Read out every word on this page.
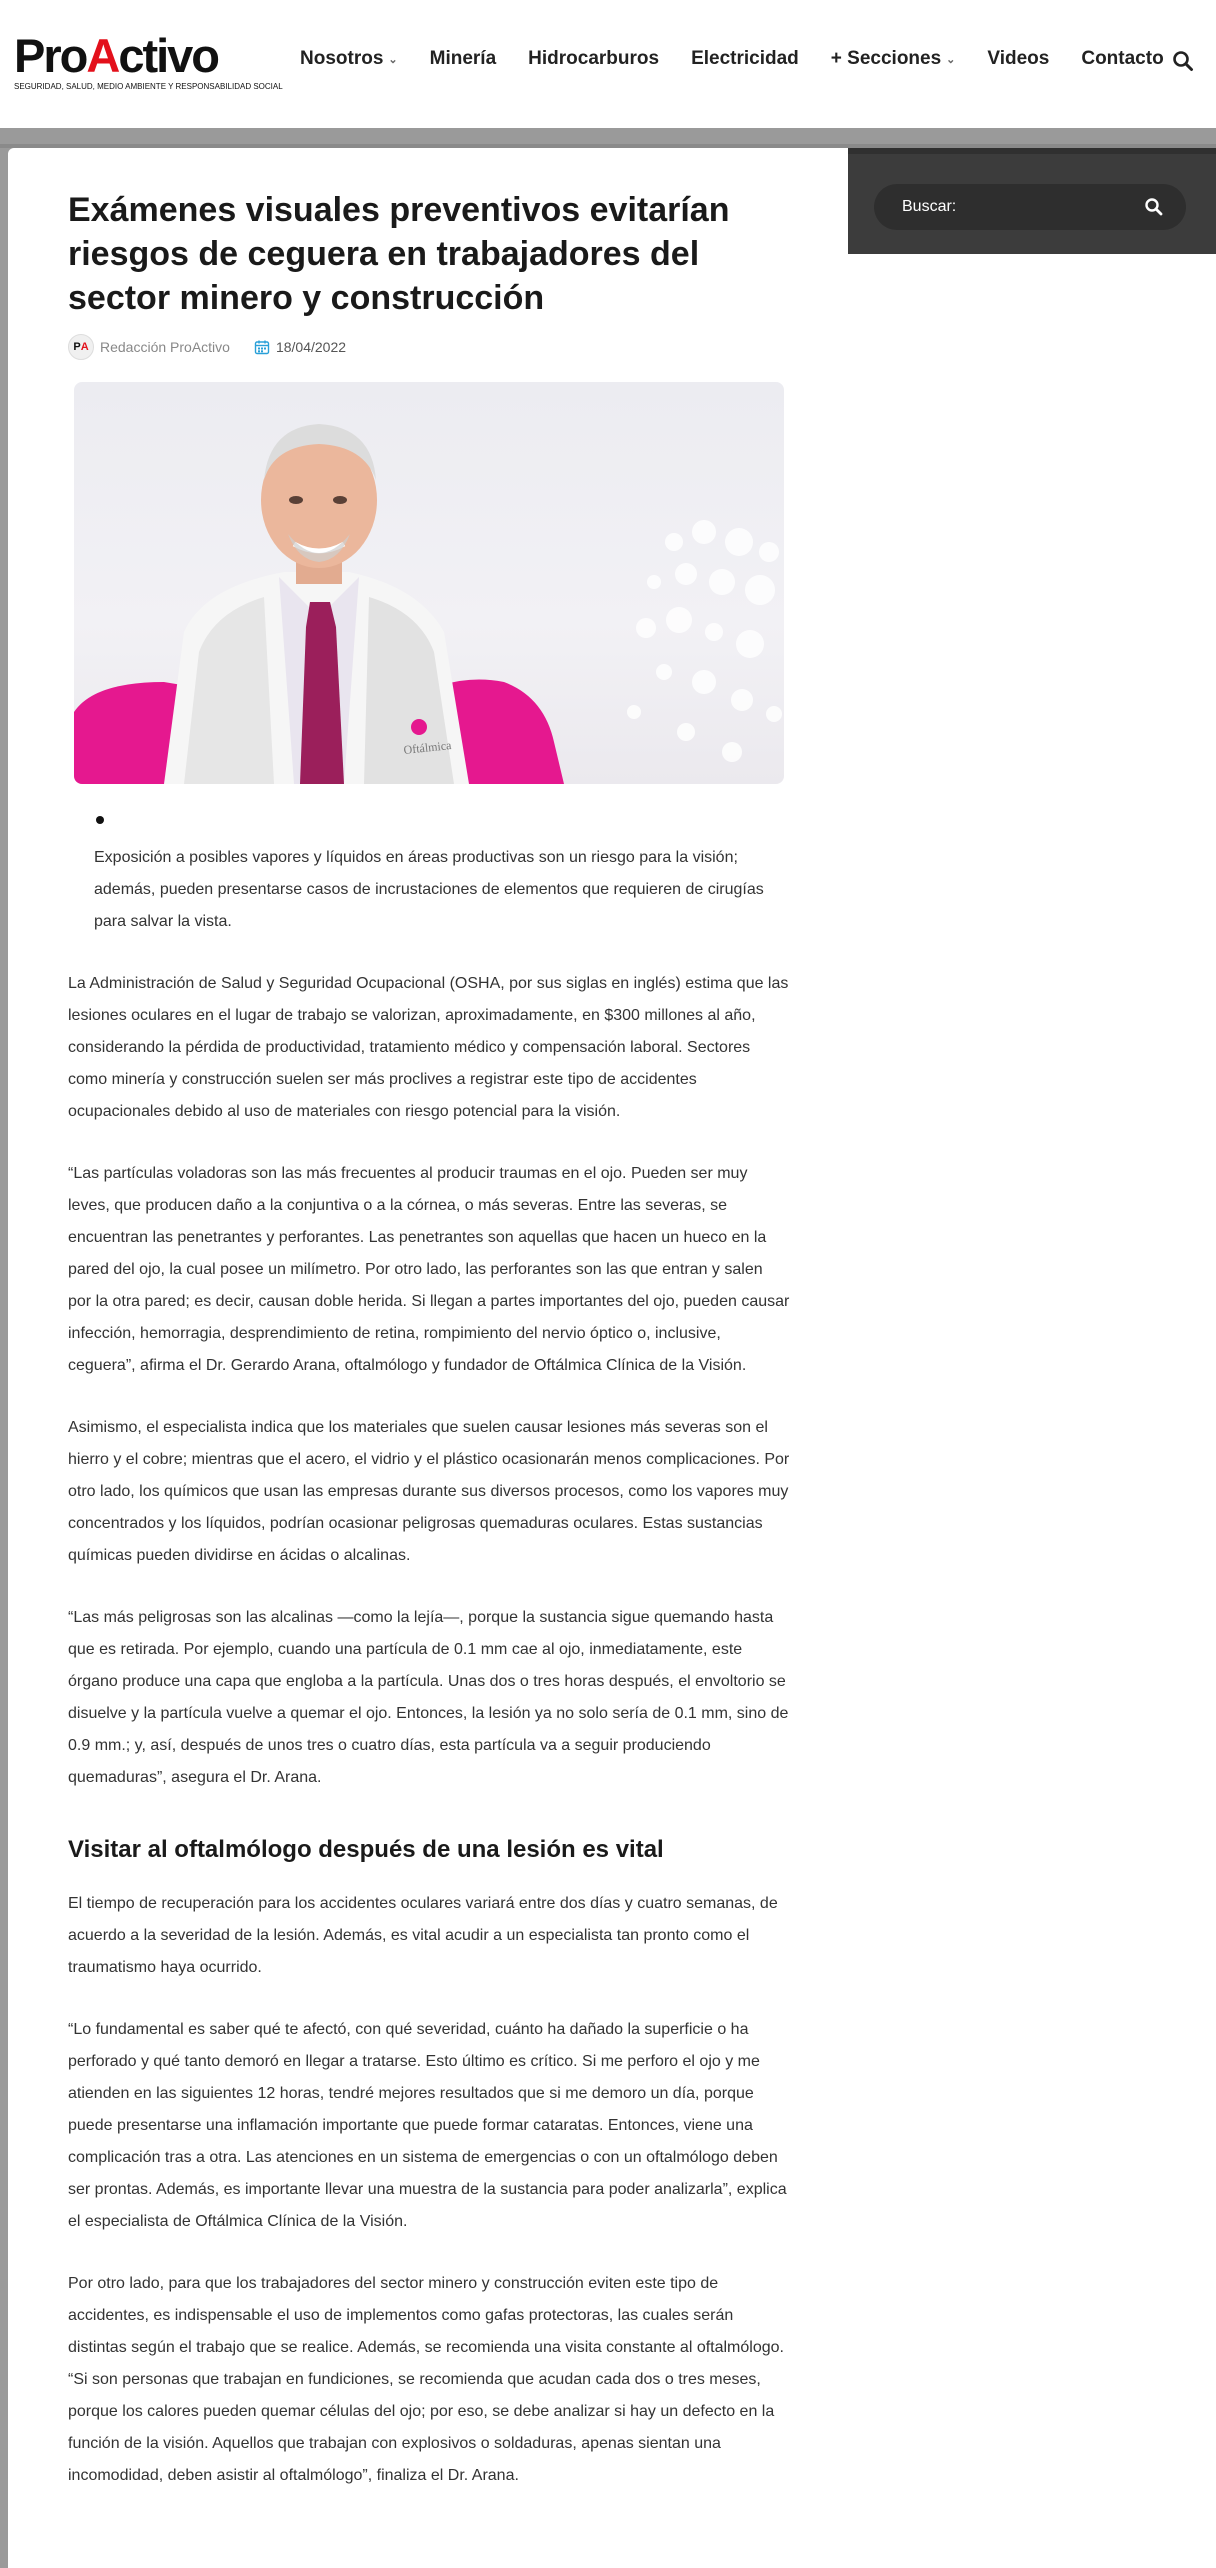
ProActivo
SEGURIDAD, SALUD, MEDIO AMBIENTE Y RESPONSABILIDAD SOCIAL
Nosotros ⌄ Minería Hidrocarburos Electricidad + Secciones ⌄ Videos Contacto
Exámenes visuales preventivos evitarían riesgos de ceguera en trabajadores del sector minero y construcción
P A Redacción ProActivo	18/04/2022
Oftálmica

Exposición a posibles vapores y líquidos en áreas productivas son un riesgo para la visión; además, pueden presentarse casos de incrustaciones de elementos que requieren de cirugías para salvar la vista.

La Administración de Salud y Seguridad Ocupacional (OSHA, por sus siglas en inglés) estima que las lesiones oculares en el lugar de trabajo se valorizan, aproximadamente, en $300 millones al año, considerando la pérdida de productividad, tratamiento médico y compensación laboral. Sectores como minería y construcción suelen ser más proclives a registrar este tipo de accidentes ocupacionales debido al uso de materiales con riesgo potencial para la visión.

“Las partículas voladoras son las más frecuentes al producir traumas en el ojo. Pueden ser muy leves, que producen daño a la conjuntiva o a la córnea, o más severas. Entre las severas, se encuentran las penetrantes y perforantes. Las penetrantes son aquellas que hacen un hueco en la pared del ojo, la cual posee un milímetro. Por otro lado, las perforantes son las que entran y salen por la otra pared; es decir, causan doble herida. Si llegan a partes importantes del ojo, pueden causar infección, hemorragia, desprendimiento de retina, rompimiento del nervio óptico o, inclusive, ceguera”, afirma el Dr. Gerardo Arana, oftalmólogo y fundador de Oftálmica Clínica de la Visión.

Asimismo, el especialista indica que los materiales que suelen causar lesiones más severas son el hierro y el cobre; mientras que el acero, el vidrio y el plástico ocasionarán menos complicaciones. Por otro lado, los químicos que usan las empresas durante sus diversos procesos, como los vapores muy concentrados y los líquidos, podrían ocasionar peligrosas quemaduras oculares. Estas sustancias químicas pueden dividirse en ácidas o alcalinas.

“Las más peligrosas son las alcalinas —como la lejía—, porque la sustancia sigue quemando hasta que es retirada. Por ejemplo, cuando una partícula de 0.1 mm cae al ojo, inmediatamente, este órgano produce una capa que engloba a la partícula. Unas dos o tres horas después, el envoltorio se disuelve y la partícula vuelve a quemar el ojo. Entonces, la lesión ya no solo sería de 0.1 mm, sino de 0.9 mm.; y, así, después de unos tres o cuatro días, esta partícula va a seguir produciendo quemaduras”, asegura el Dr. Arana.

Visitar al oftalmólogo después de una lesión es vital

El tiempo de recuperación para los accidentes oculares variará entre dos días y cuatro semanas, de acuerdo a la severidad de la lesión. Además, es vital acudir a un especialista tan pronto como el traumatismo haya ocurrido.

“Lo fundamental es saber qué te afectó, con qué severidad, cuánto ha dañado la superficie o ha perforado y qué tanto demoró en llegar a tratarse. Esto último es crítico. Si me perforo el ojo y me atienden en las siguientes 12 horas, tendré mejores resultados que si me demoro un día, porque puede presentarse una inflamación importante que puede formar cataratas. Entonces, viene una complicación tras a otra. Las atenciones en un sistema de emergencias o con un oftalmólogo deben ser prontas. Además, es importante llevar una muestra de la sustancia para poder analizarla”, explica el especialista de Oftálmica Clínica de la Visión.

Por otro lado, para que los trabajadores del sector minero y construcción eviten este tipo de accidentes, es indispensable el uso de implementos como gafas protectoras, las cuales serán distintas según el trabajo que se realice. Además, se recomienda una visita constante al oftalmólogo. “Si son personas que trabajan en fundiciones, se recomienda que acudan cada dos o tres meses, porque los calores pueden quemar células del ojo; por eso, se debe analizar si hay un defecto en la función de la visión. Aquellos que trabajan con explosivos o soldaduras, apenas sientan una incomodidad, deben asistir al oftalmólogo”, finaliza el Dr. Arana.

Buscar:
